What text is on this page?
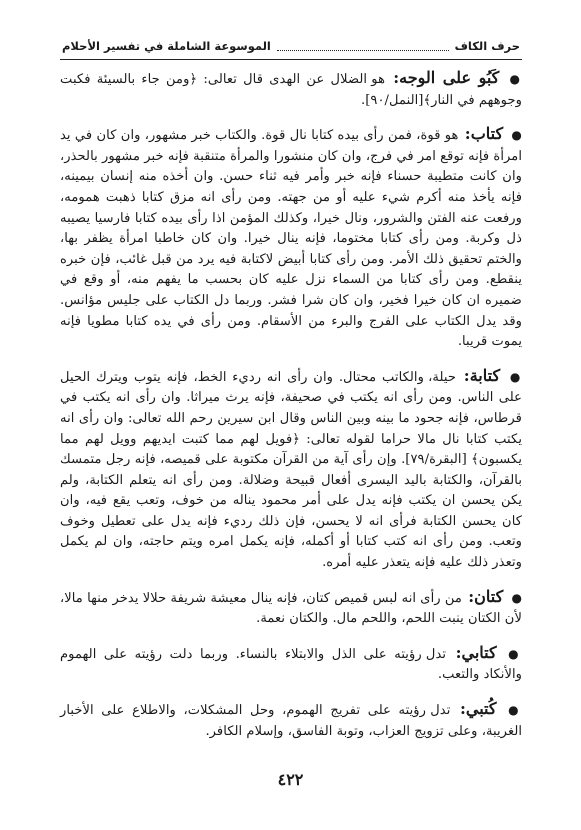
حرف الكاف
الموسوعة الشاملة في تفسير الأحلام

● كَبُو على الوجه: هو الضلال عن الهدى قال تعالى: ﴿ومن جاء بالسيئة فكبت وجوههم في النار﴾[النمل/٩٠].

● كتاب: هو قوة، فمن رأى بيده كتابا نال قوة. والكتاب خبر مشهور، وان كان في يد امرأة فإنه توقع امر في فرج، وان كان منشورا والمرأة متنقبة فإنه خبر مشهور بالحذر، وان كانت متطيبة حسناء فإنه خبر وأمر فيه ثناء حسن. وان أخذه منه إنسان بيمينه، فإنه يأخذ منه أكرم شيء عليه أو من جهته. ومن رأى انه مزق كتابا ذهبت همومه، ورفعت عنه الفتن والشرور، ونال خيرا، وكذلك المؤمن اذا رأى بيده كتابا فارسيا يصيبه ذل وكربة. ومن رأى كتابا مختوما، فإنه ينال خيرا. وان كان خاطبا امرأة يظفر بها، والختم تحقيق ذلك الأمر. ومن رأى كتابا أبيض لاكتابة فيه يرد من قبل غائب، فإن خبره ينقطع. ومن رأى كتابا من السماء نزل عليه كان بحسب ما يفهم منه، أو وقع في ضميره ان كان خيرا فخير، وان كان شرا فشر. وربما دل الكتاب على جليس مؤانس. وقد يدل الكتاب على الفرج والبرء من الأسقام. ومن رأى في يده كتابا مطويا فإنه يموت قريبا.

● كتابة: حيلة، والكاتب محتال. وان رأى انه رديء الخط، فإنه يتوب ويترك الحيل على الناس. ومن رأى انه يكتب في صحيفة، فإنه يرث ميراثا. وان رأى انه يكتب في قرطاس، فإنه جحود ما بينه وبين الناس وقال ابن سيرين رحم الله تعالى: وان رأى انه يكتب كتابا نال مالا حراما لقوله تعالى: ﴿فويل لهم مما كتبت ايديهم وويل لهم مما يكسبون﴾ [البقرة/٧٩]. وإن رأى آية من القرآن مكتوبة على قميصه، فإنه رجل متمسك بالقرآن، والكتابة باليد اليسرى أفعال قبيحة وضلالة. ومن رأى انه يتعلم الكتابة، ولم يكن يحسن ان يكتب فإنه يدل على أمر محمود يناله من خوف، وتعب يقع فيه، وان كان يحسن الكتابة فرأى انه لا يحسن، فإن ذلك رديء فإنه يدل على تعطيل وخوف وتعب. ومن رأى انه كتب كتابا أو أكمله، فإنه يكمل امره ويتم حاجته، وان لم يكمل وتعذر ذلك عليه فإنه يتعذر عليه أمره.

● كتان: من رأى انه لبس قميص كتان، فإنه ينال معيشة شريفة حلالا يدخر منها مالا، لأن الكتان ينبت اللحم، واللحم مال. والكتان نعمة.

● كتابي: تدل رؤيته على الذل والابتلاء بالنساء. وربما دلت رؤيته على الهموم والأنكاد والتعب.

● كُتبي: تدل رؤيته على تفريج الهموم، وحل المشكلات، والاطلاع على الأخبار الغريبة، وعلى تزويج العزاب، وتوبة الفاسق، وإسلام الكافر.

٤٢٢
